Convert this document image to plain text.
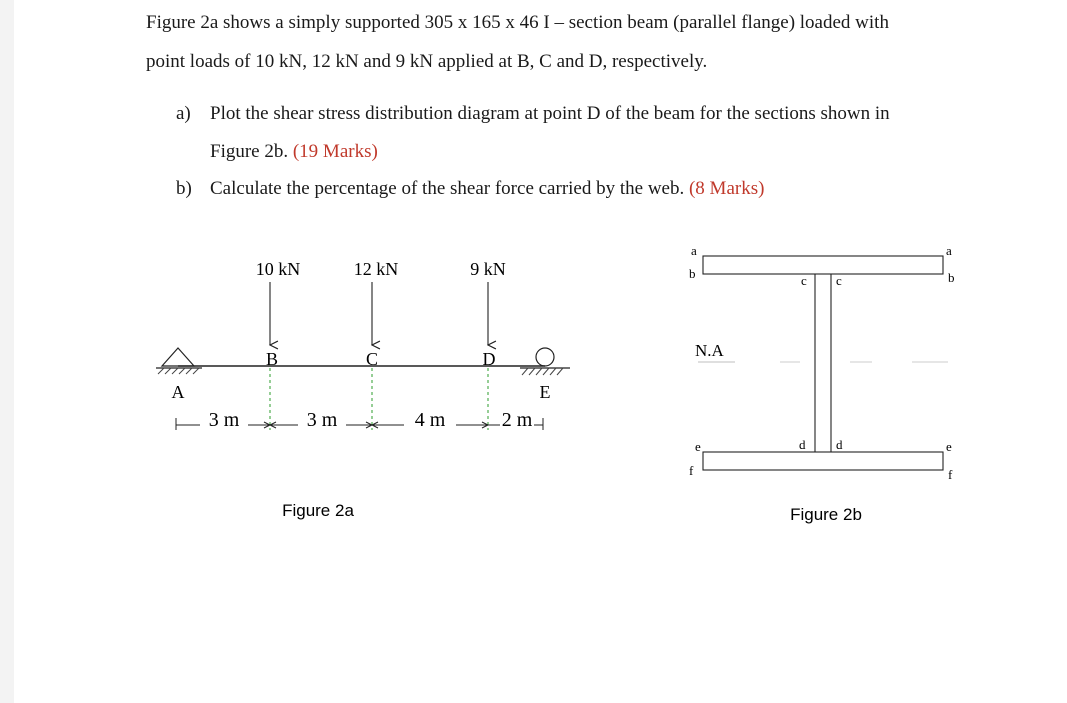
Figure 2a shows a simply supported 305 x 165 x 46 I – section beam (parallel flange) loaded with
point loads of 10 kN, 12 kN and 9 kN applied at B, C and D, respectively.
a) Plot the shear stress distribution diagram at point D of the beam for the sections shown in
Figure 2b. (19 Marks)
b) Calculate the percentage of the shear force carried by the web. (8 Marks)
10 kN	12 kN	9 kN
A
B	C	D
E
3 m	3 m	4 m	2 m
Figure 2a
N.A
a	a
b	b
c c
d d
e	e
f	f
Figure 2b
